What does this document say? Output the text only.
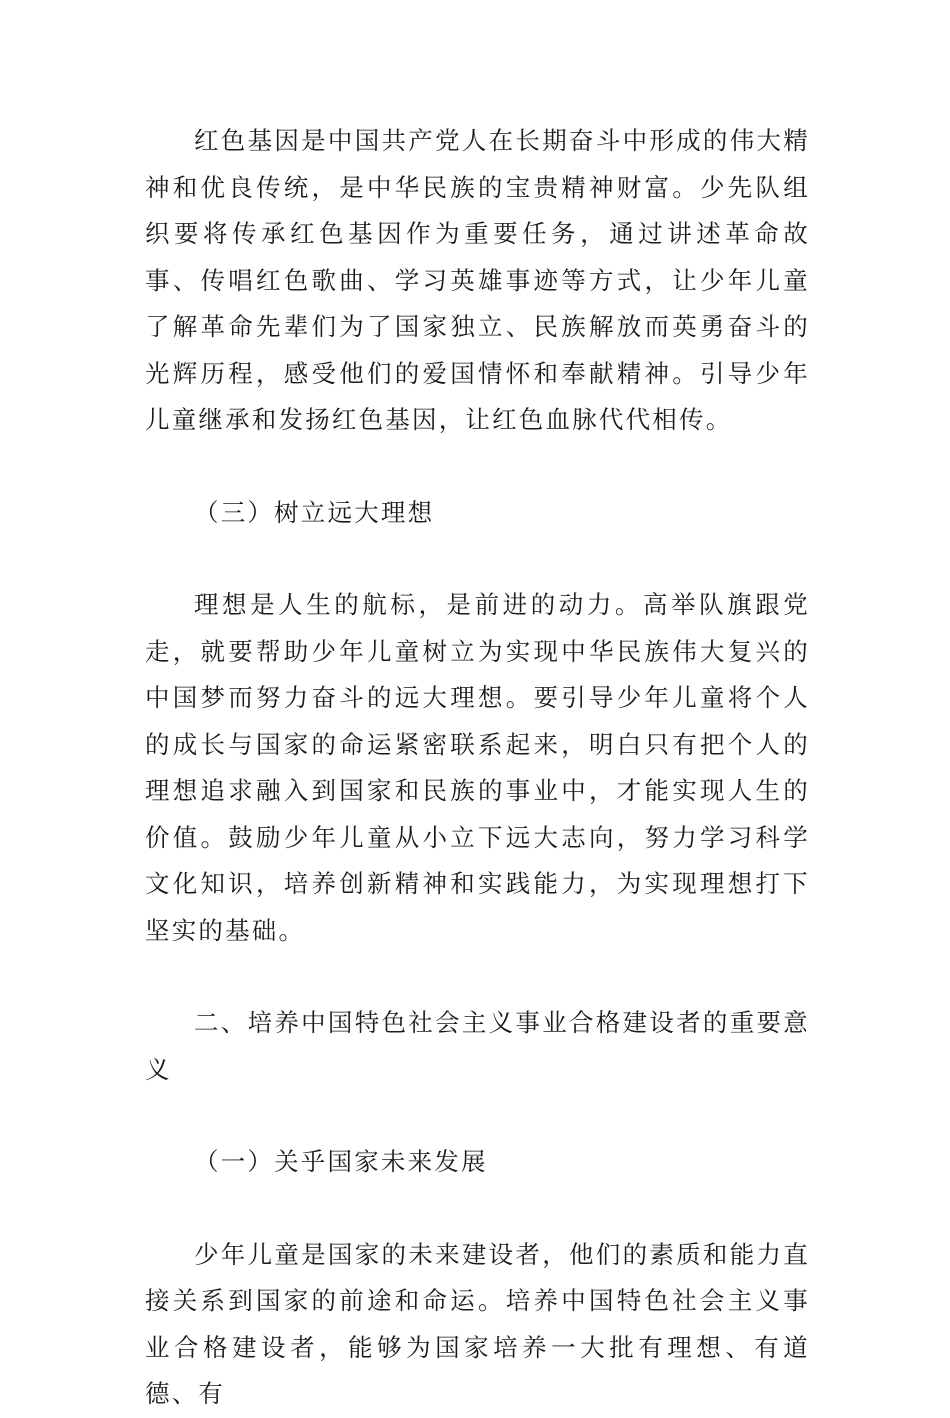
红色基因是中国共产党人在长期奋斗中形成的伟大精神和优良传统，是中华民族的宝贵精神财富。少先队组织要将传承红色基因作为重要任务，通过讲述革命故事、传唱红色歌曲、学习英雄事迹等方式，让少年儿童了解革命先辈们为了国家独立、民族解放而英勇奋斗的光辉历程，感受他们的爱国情怀和奉献精神。引导少年儿童继承和发扬红色基因，让红色血脉代代相传。

（三）树立远大理想

理想是人生的航标，是前进的动力。高举队旗跟党走，就要帮助少年儿童树立为实现中华民族伟大复兴的中国梦而努力奋斗的远大理想。要引导少年儿童将个人的成长与国家的命运紧密联系起来，明白只有把个人的理想追求融入到国家和民族的事业中，才能实现人生的价值。鼓励少年儿童从小立下远大志向，努力学习科学文化知识，培养创新精神和实践能力，为实现理想打下坚实的基础。

二、培养中国特色社会主义事业合格建设者的重要意义

（一）关乎国家未来发展

少年儿童是国家的未来建设者，他们的素质和能力直接关系到国家的前途和命运。培养中国特色社会主义事业合格建设者，能够为国家培养一大批有理想、有道德、有
